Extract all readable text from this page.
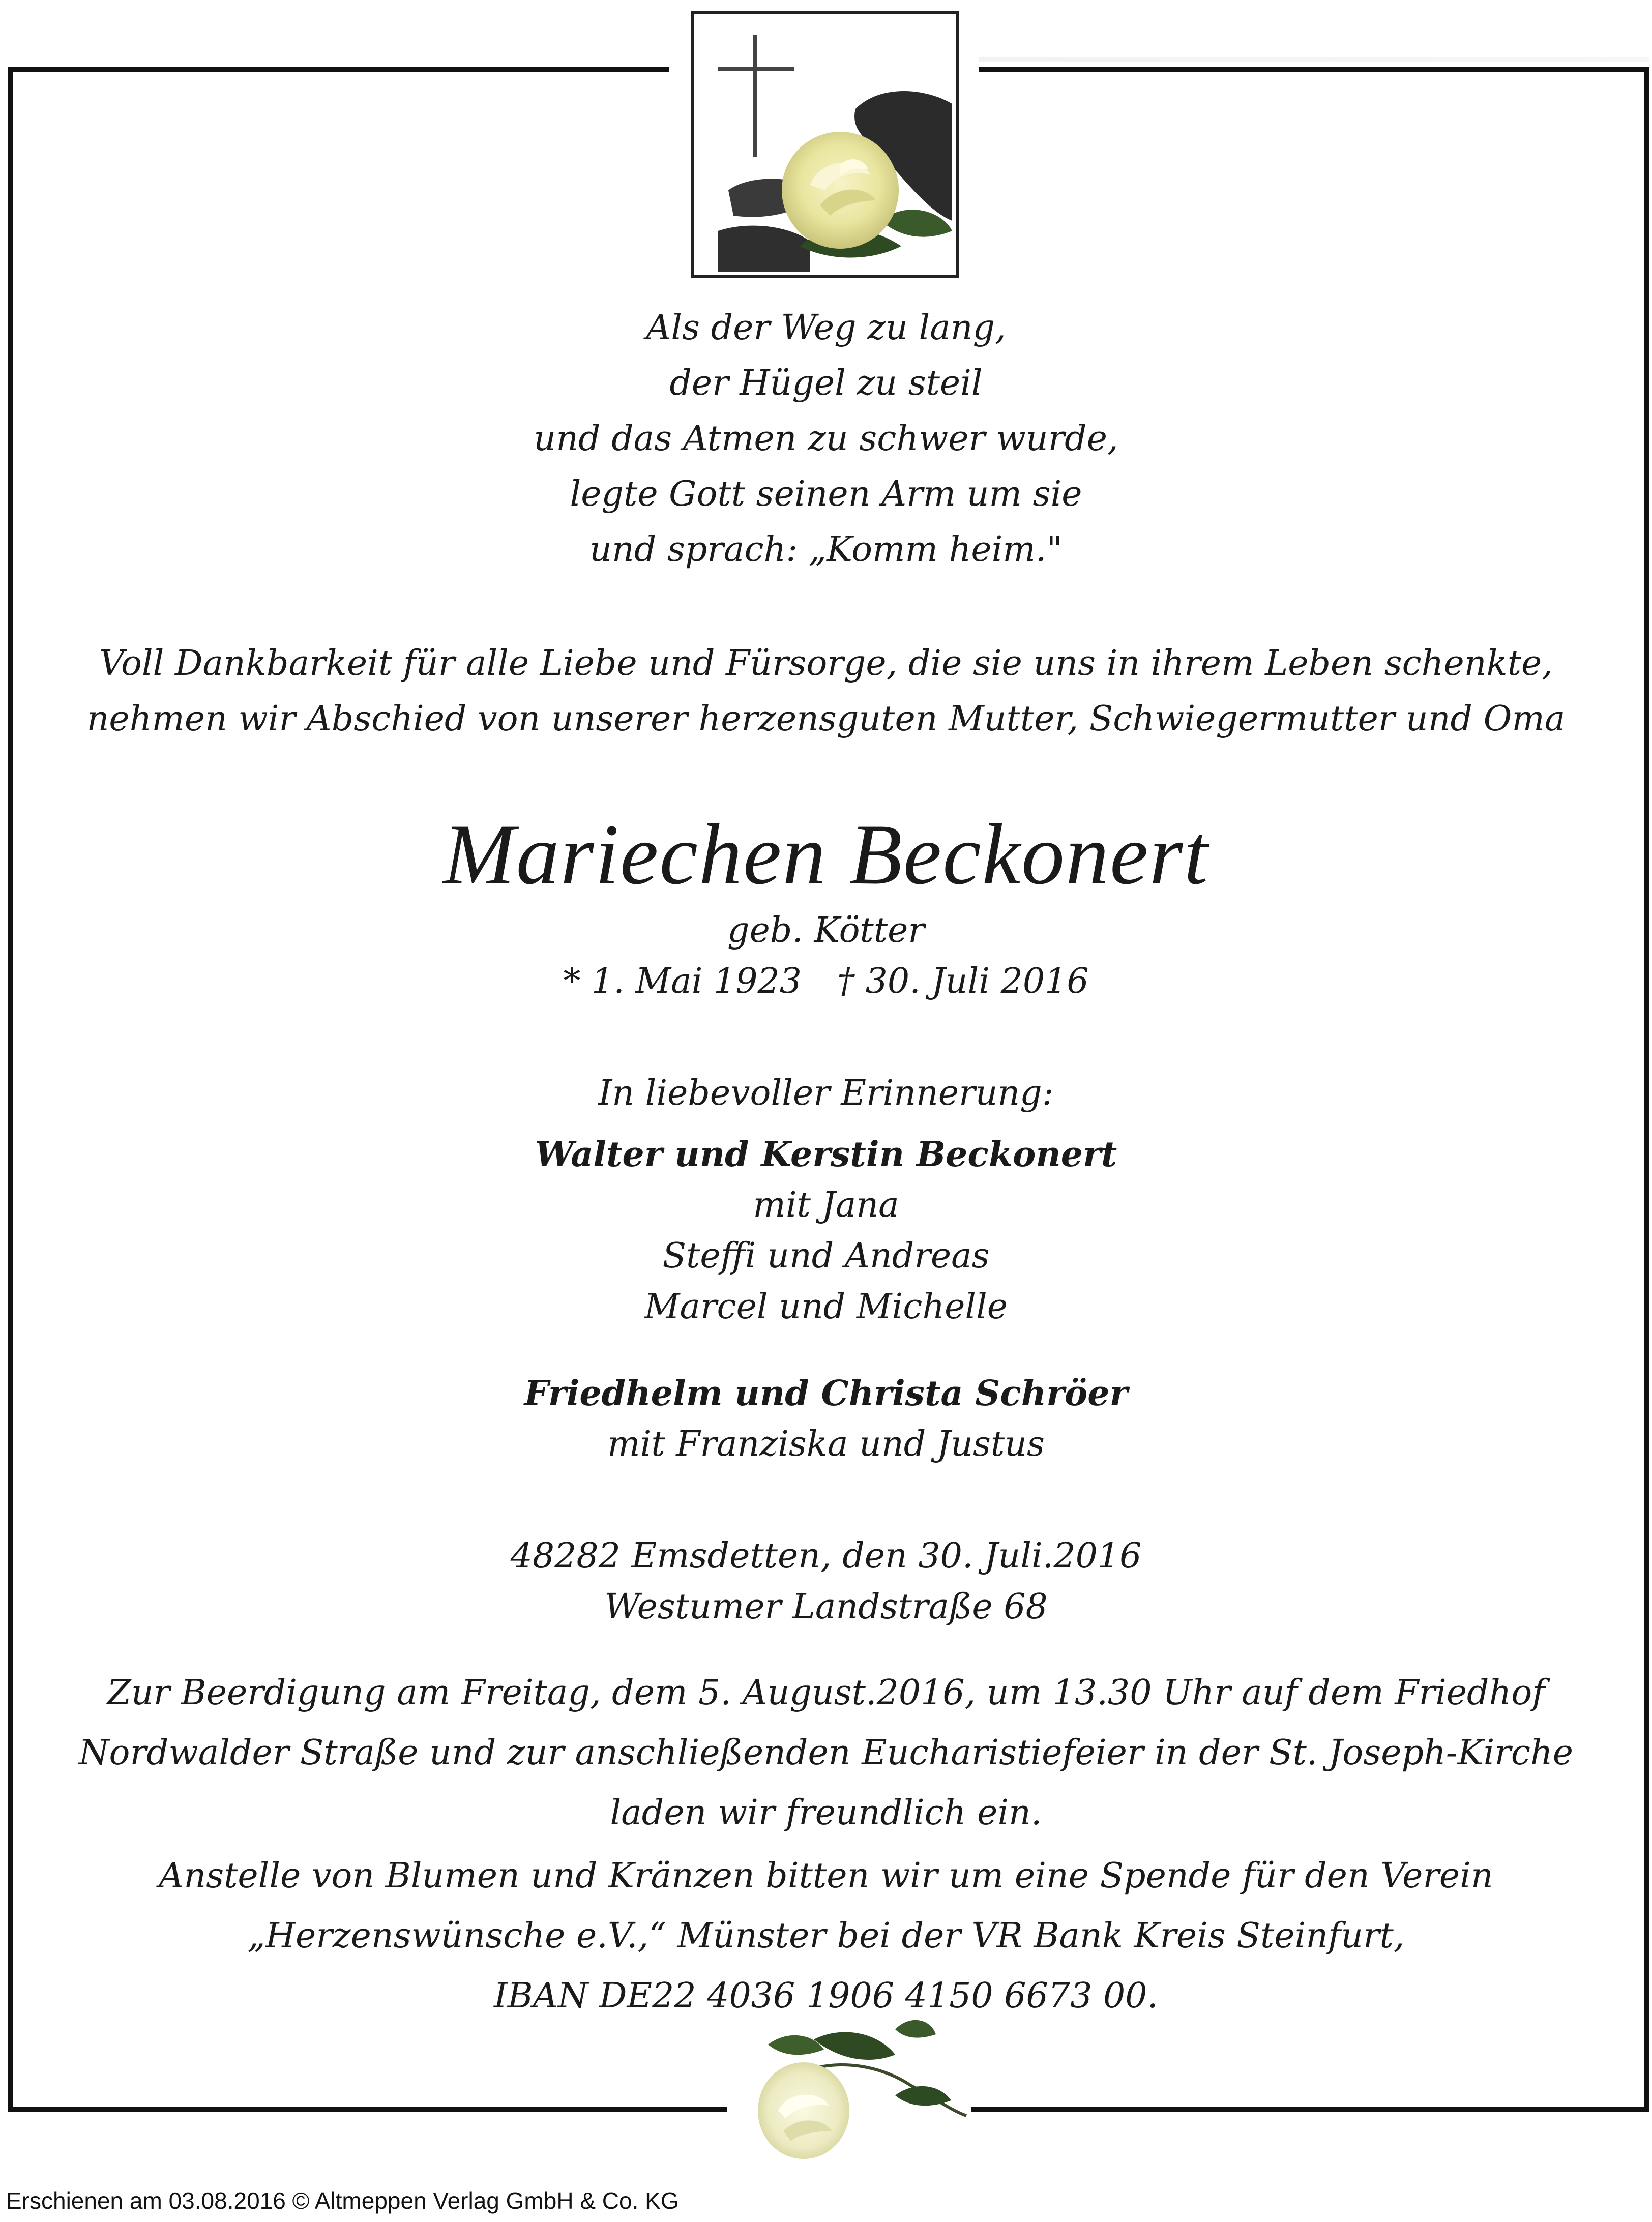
Als der Weg zu lang,
der Hügel zu steil
und das Atmen zu schwer wurde,
legte Gott seinen Arm um sie
und sprach: „Komm heim."
Voll Dankbarkeit für alle Liebe und Fürsorge, die sie uns in ihrem Leben schenkte,
nehmen wir Abschied von unserer herzensguten Mutter, Schwiegermutter und Oma
Mariechen Beckonert
geb. Kötter
* 1. Mai 1923 † 30. Juli 2016
In liebevoller Erinnerung:
Walter und Kerstin Beckonert
mit Jana
Steffi und Andreas
Marcel und Michelle
Friedhelm und Christa Schröer
mit Franziska und Justus
48282 Emsdetten, den 30. Juli.2016
Westumer Landstraße 68
Zur Beerdigung am Freitag, dem 5. August.2016, um 13.30 Uhr auf dem Friedhof
Nordwalder Straße und zur anschließenden Eucharistiefeier in der St. Joseph-Kirche
laden wir freundlich ein.
Anstelle von Blumen und Kränzen bitten wir um eine Spende für den Verein
„Herzenswünsche e.V.,“ Münster bei der VR Bank Kreis Steinfurt,
IBAN DE22 4036 1906 4150 6673 00.
Erschienen am 03.08.2016 © Altmeppen Verlag GmbH & Co. KG
